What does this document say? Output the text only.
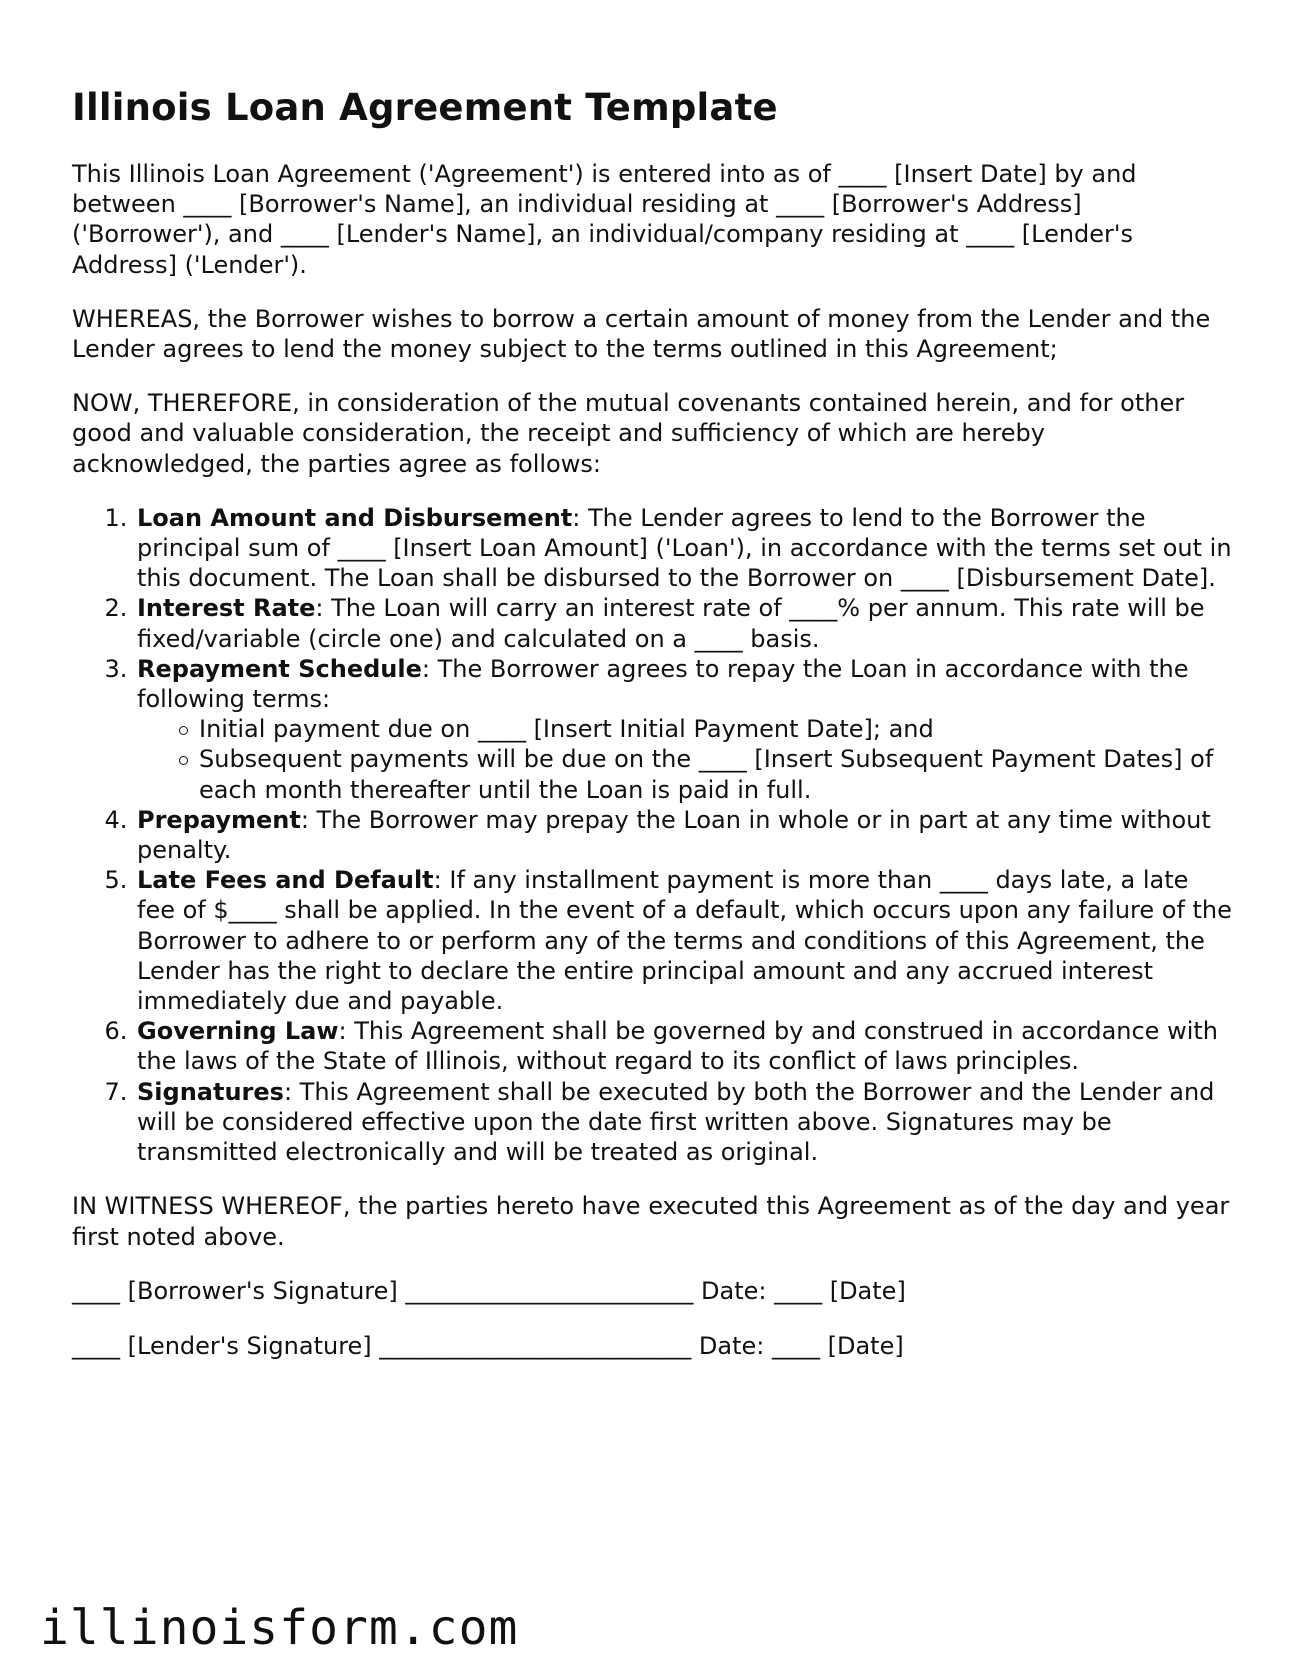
Illinois Loan Agreement Template

This Illinois Loan Agreement ('Agreement') is entered into as of ____ [Insert Date] by and between ____ [Borrower's Name], an individual residing at ____ [Borrower's Address] ('Borrower'), and ____ [Lender's Name], an individual/company residing at ____ [Lender's Address] ('Lender').

WHEREAS, the Borrower wishes to borrow a certain amount of money from the Lender and the Lender agrees to lend the money subject to the terms outlined in this Agreement;

NOW, THEREFORE, in consideration of the mutual covenants contained herein, and for other good and valuable consideration, the receipt and sufficiency of which are hereby acknowledged, the parties agree as follows:

1. Loan Amount and Disbursement: The Lender agrees to lend to the Borrower the principal sum of ____ [Insert Loan Amount] ('Loan'), in accordance with the terms set out in this document. The Loan shall be disbursed to the Borrower on ____ [Disbursement Date].
2. Interest Rate: The Loan will carry an interest rate of ____% per annum. This rate will be fixed/variable (circle one) and calculated on a ____ basis.
3. Repayment Schedule: The Borrower agrees to repay the Loan in accordance with the following terms:
Initial payment due on ____ [Insert Initial Payment Date]; and
Subsequent payments will be due on the ____ [Insert Subsequent Payment Dates] of each month thereafter until the Loan is paid in full.
4. Prepayment: The Borrower may prepay the Loan in whole or in part at any time without penalty.
5. Late Fees and Default: If any installment payment is more than ____ days late, a late fee of $____ shall be applied. In the event of a default, which occurs upon any failure of the Borrower to adhere to or perform any of the terms and conditions of this Agreement, the Lender has the right to declare the entire principal amount and any accrued interest immediately due and payable.
6. Governing Law: This Agreement shall be governed by and construed in accordance with the laws of the State of Illinois, without regard to its conflict of laws principles.
7. Signatures: This Agreement shall be executed by both the Borrower and the Lender and will be considered effective upon the date first written above. Signatures may be transmitted electronically and will be treated as original.

IN WITNESS WHEREOF, the parties hereto have executed this Agreement as of the day and year first noted above.

____ [Borrower's Signature] ________________________ Date: ____ [Date]
____ [Lender's Signature] __________________________ Date: ____ [Date]
illinoisform.com
